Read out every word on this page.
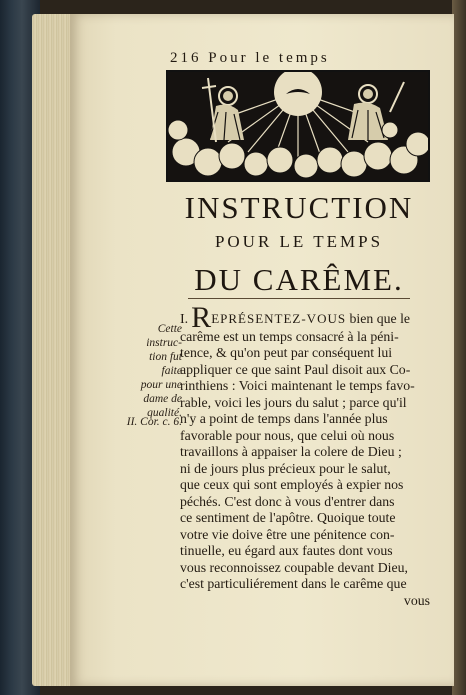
216 Pour le temps
INSTRUCTION
POUR LE TEMPS
DU CARÊME.
Cette
instruc-
tion fut
faite
pour une
dame de
qualité.
II. Cor. c. 6.
I. REPRÉSENTEZ-VOUS bien que le
carême est un temps consacré à la péni-
tence, & qu'on peut par conséquent lui
appliquer ce que saint Paul disoit aux Co-
rinthiens : Voici maintenant le temps favo-
rable, voici les jours du salut ; parce qu'il
n'y a point de temps dans l'année plus
favorable pour nous, que celui où nous
travaillons à appaiser la colere de Dieu ;
ni de jours plus précieux pour le salut,
que ceux qui sont employés à expier nos
péchés. C'est donc à vous d'entrer dans
ce sentiment de l'apôtre. Quoique toute
votre vie doive être une pénitence con-
tinuelle, eu égard aux fautes dont vous
vous reconnoissez coupable devant Dieu,
c'est particuliérement dans le carême que
vous
